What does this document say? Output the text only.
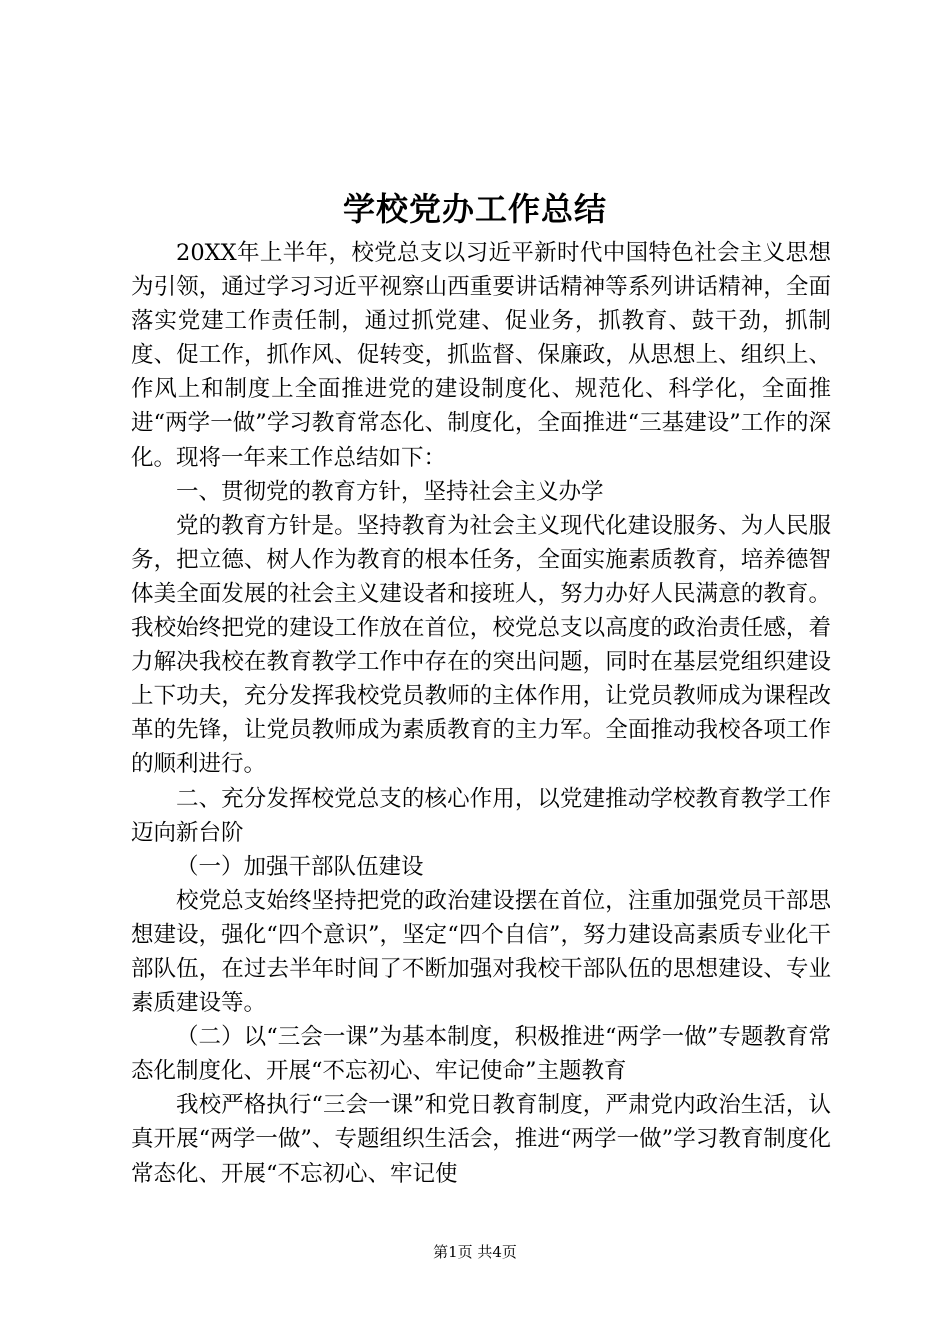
学校党办工作总结

20XX年上半年，校党总支以习近平新时代中国特色社会主义思想为引领，通过学习习近平视察山西重要讲话精神等系列讲话精神，全面落实党建工作责任制，通过抓党建、促业务，抓教育、鼓干劲，抓制度、促工作，抓作风、促转变，抓监督、保廉政，从思想上、组织上、作风上和制度上全面推进党的建设制度化、规范化、科学化，全面推进“两学一做”学习教育常态化、制度化，全面推进“三基建设”工作的深化。现将一年来工作总结如下：

一、贯彻党的教育方针，坚持社会主义办学

党的教育方针是。坚持教育为社会主义现代化建设服务、为人民服务，把立德、树人作为教育的根本任务，全面实施素质教育，培养德智体美全面发展的社会主义建设者和接班人，努力办好人民满意的教育。我校始终把党的建设工作放在首位，校党总支以高度的政治责任感，着力解决我校在教育教学工作中存在的突出问题，同时在基层党组织建设上下功夫，充分发挥我校党员教师的主体作用，让党员教师成为课程改革的先锋，让党员教师成为素质教育的主力军。全面推动我校各项工作的顺利进行。

二、充分发挥校党总支的核心作用，以党建推动学校教育教学工作迈向新台阶

（一）加强干部队伍建设

校党总支始终坚持把党的政治建设摆在首位，注重加强党员干部思想建设，强化“四个意识”，坚定“四个自信”，努力建设高素质专业化干部队伍，在过去半年时间了不断加强对我校干部队伍的思想建设、专业素质建设等。

（二）以“三会一课”为基本制度，积极推进“两学一做”专题教育常态化制度化、开展“不忘初心、牢记使命”主题教育

我校严格执行“三会一课”和党日教育制度，严肃党内政治生活，认真开展“两学一做”、专题组织生活会，推进“两学一做”学习教育制度化常态化、开展“不忘初心、牢记使

第1页 共4页
